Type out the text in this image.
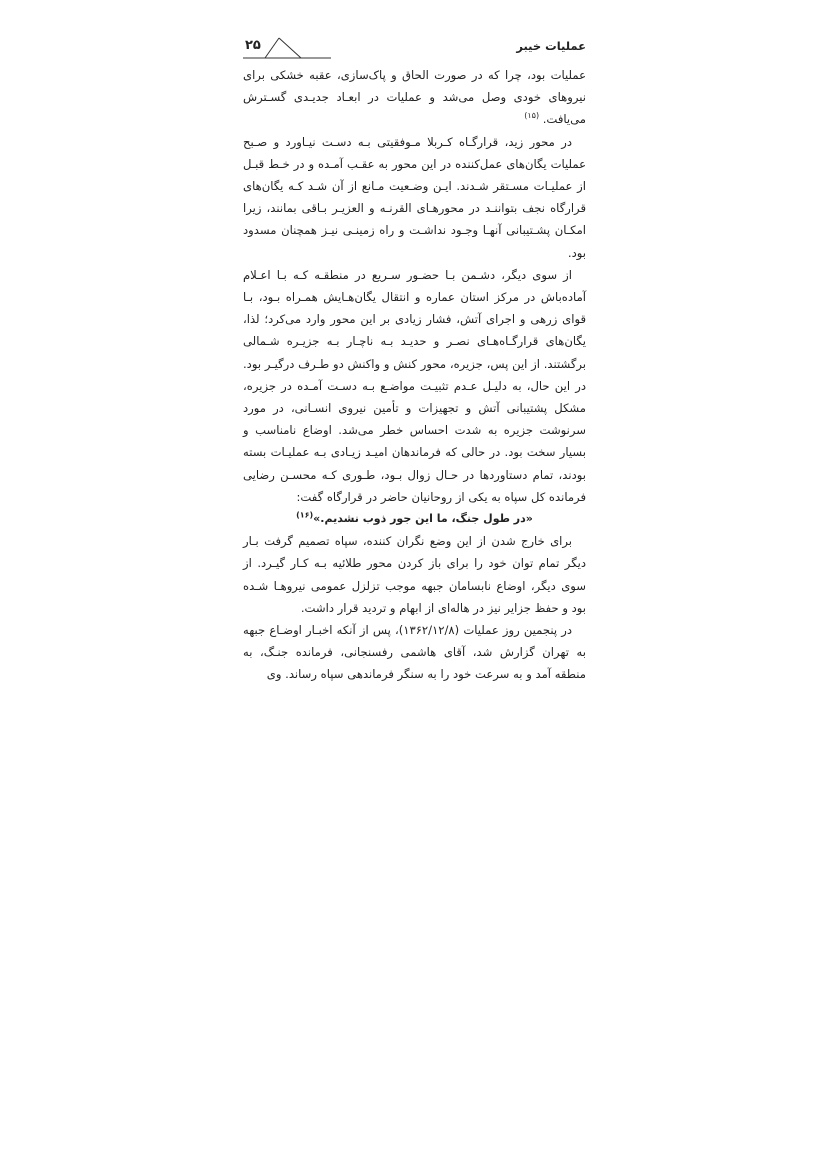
عملیات خیبر
۲۵

عملیات بود، چرا که در صورت الحاق و پاک‌سازی، عقبه خشکی برای نیروهای خودی وصل می‌شد و عملیات در ابعـاد جدیـدی گسـترش می‌یافت. $^{(۱۵)}$

در محور زید، قرارگـاه کـربلا مـوفقیتی بـه دسـت نیـاورد و صـبح عملیات یگان‌های عمل‌کننده در این محور به عقـب آمـده و در خـط قبـل از عملیـات مسـتقر شـدند. ایـن وضـعیت مـانع از آن شـد کـه یگان‌های قرارگاه نجف بتواننـد در محورهـای القرنـه و العزیـر بـاقی بمانند، زیرا امکـان پشـتیبانی آنهـا وجـود نداشـت و راه زمینـی نیـز همچنان مسدود بود.

از سوی دیگر، دشـمن بـا حضـور سـریع در منطقـه کـه بـا اعـلام آماده‌باش در مرکز استان عماره و انتقال یگان‌هـایش همـراه بـود، بـا قوای زرهی و اجرای آتش، فشار زیادی بر این محور وارد می‌کرد؛ لذا، یگان‌های قرارگـاه‌هـای نصـر و حدیـد بـه ناچـار بـه جزیـره شـمالی برگشتند. از این پس، جزیره، محور کنش و واکنش دو طـرف درگیـر بود. در این حال، به دلیـل عـدم تثبیـت مواضـع بـه دسـت آمـده در جزیره، مشکل پشتیبانی آتش و تجهیزات و تأمین نیروی انسـانی، در مورد سرنوشت جزیره به شدت احساس خطر می‌شد. اوضاع نامناسب و بسیار سخت بود. در حالی که فرماندهان امیـد زیـادی بـه عملیـات بسته بودند، تمام دستاوردها در حـال زوال بـود، طـوری کـه محسـن رضایی فرمانده کل سپاه به یکی از روحانیان حاضر در قرارگاه گفت:

«در طول جنگ، ما این جور ذوب نشدیم.»$^{(۱۶)}$

برای خارج شدن از این وضع نگران کننده، سپاه تصمیم گرفت بـار دیگر تمام توان خود را برای باز کردن محور طلائیه بـه کـار گیـرد. از سوی دیگر، اوضاع نابسامان جبهه موجب تزلزل عمومی نیروهـا شـده بود و حفظ جزایر نیز در هاله‌ای از ابهام و تردید قرار داشت.

در پنجمین روز عملیات (۱۳۶۲/۱۲/۸)، پس از آنکه اخبـار اوضـاع جبهه به تهران گزارش شد، آقای هاشمی رفسنجانی، فرمانده جنـگ، به منطقه آمد و به سرعت خود را به سنگر فرماندهی سپاه رساند. وی
